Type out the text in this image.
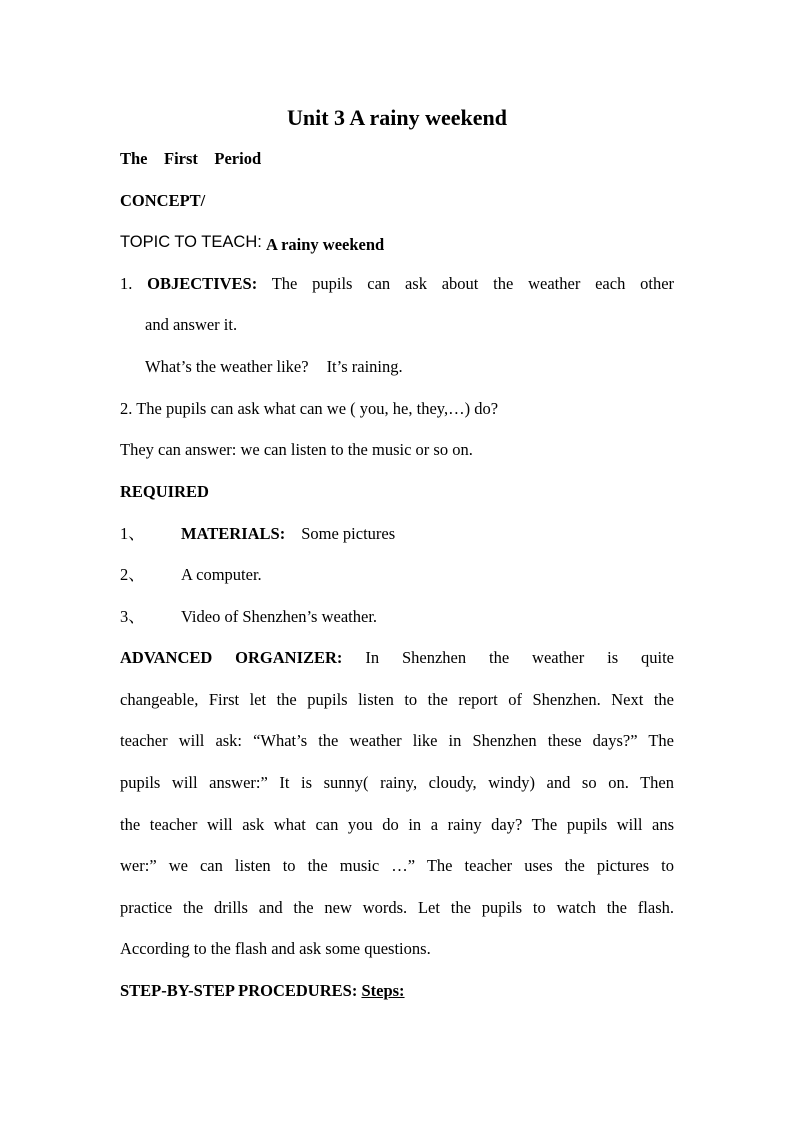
Unit 3 A rainy weekend
The    First    Period
CONCEPT/
TOPIC TO TEACH: A rainy weekend
1. OBJECTIVES: The pupils can ask about the weather each other
and answer it.
What’s the weather like? It’s raining.
2. The pupils can ask what can we ( you, he, they,…) do?
They can answer: we can listen to the music or so on.
REQUIRED
1、 MATERIALS: Some pictures
2、 A computer.
3、 Video of Shenzhen’s weather.
ADVANCED ORGANIZER: In Shenzhen the weather is quite
changeable, First let the pupils listen to the report of Shenzhen. Next the
teacher will ask: “What’s the weather like in Shenzhen these days?” The
pupils will answer:” It is sunny( rainy, cloudy, windy) and so on. Then
the teacher will ask what can you do in a rainy day? The pupils will ans
wer:” we can listen to the music …” The teacher uses the pictures to
practice the drills and the new words. Let the pupils to watch the flash.
According to the flash and ask some questions.
STEP-BY-STEP PROCEDURES: Steps:
